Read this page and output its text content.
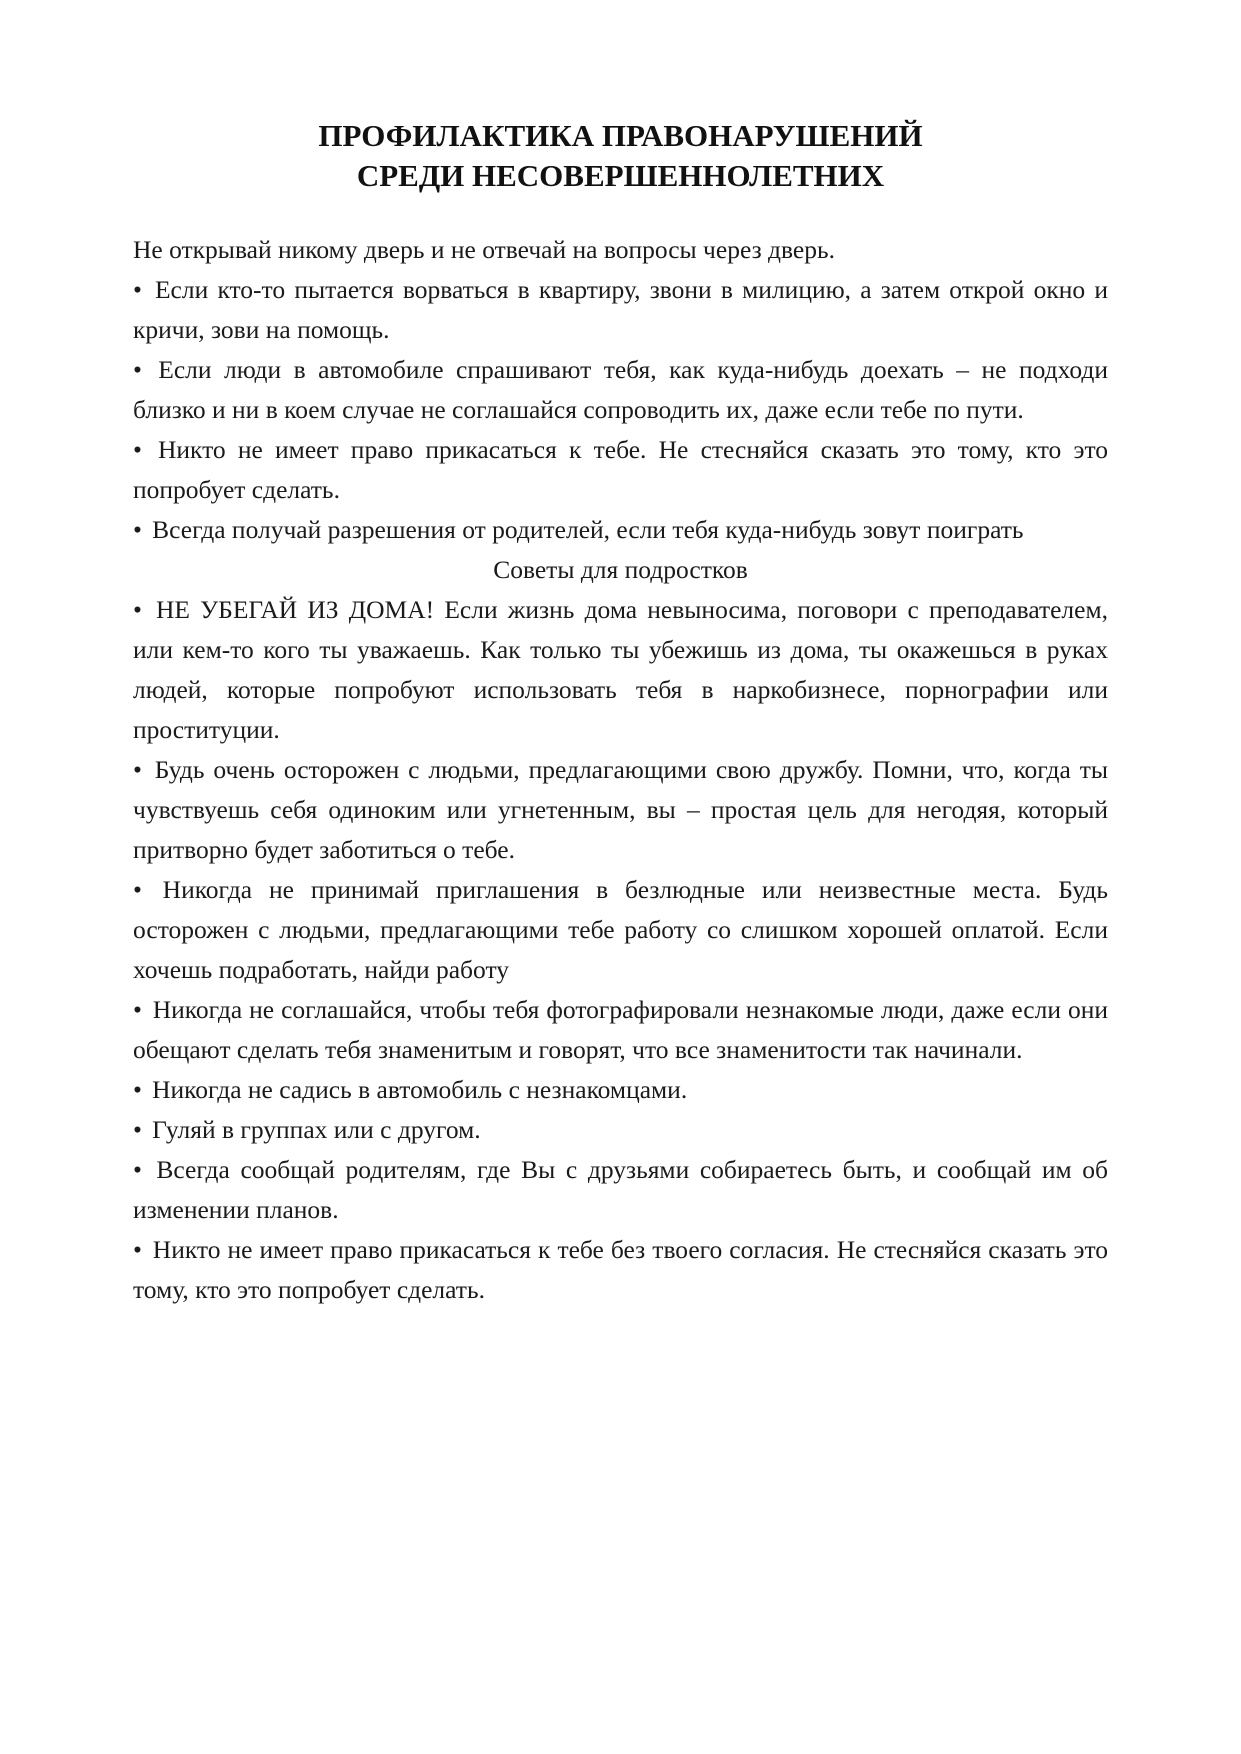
ПРОФИЛАКТИКА ПРАВОНАРУШЕНИЙ
СРЕДИ НЕСОВЕРШЕННОЛЕТНИХ

Не открывай никому дверь и не отвечай на вопросы через дверь.

• Если кто-то пытается ворваться в квартиру, звони в милицию, а затем открой окно и кричи, зови на помощь.

• Если люди в автомобиле спрашивают тебя, как куда-нибудь доехать – не подходи близко и ни в коем случае не соглашайся сопроводить их, даже если тебе по пути.

• Никто не имеет право прикасаться к тебе. Не стесняйся сказать это тому, кто это попробует сделать.

• Всегда получай разрешения от родителей, если тебя куда-нибудь зовут поиграть

Советы для подростков

• НЕ УБЕГАЙ ИЗ ДОМА! Если жизнь дома невыносима, поговори с преподавателем, или кем-то кого ты уважаешь. Как только ты убежишь из дома, ты окажешься в руках людей, которые попробуют использовать тебя в наркобизнесе, порнографии или проституции.

• Будь очень осторожен с людьми, предлагающими свою дружбу. Помни, что, когда ты чувствуешь себя одиноким или угнетенным, вы – простая цель для негодяя, который притворно будет заботиться о тебе.

• Никогда не принимай приглашения в безлюдные или неизвестные места. Будь осторожен с людьми, предлагающими тебе работу со слишком хорошей оплатой. Если хочешь подработать, найди работу

• Никогда не соглашайся, чтобы тебя фотографировали незнакомые люди, даже если они обещают сделать тебя знаменитым и говорят, что все знаменитости так начинали.

• Никогда не садись в автомобиль с незнакомцами.

• Гуляй в группах или с другом.

• Всегда сообщай родителям, где Вы с друзьями собираетесь быть, и сообщай им об изменении планов.

• Никто не имеет право прикасаться к тебе без твоего согласия. Не стесняйся сказать это тому, кто это попробует сделать.
